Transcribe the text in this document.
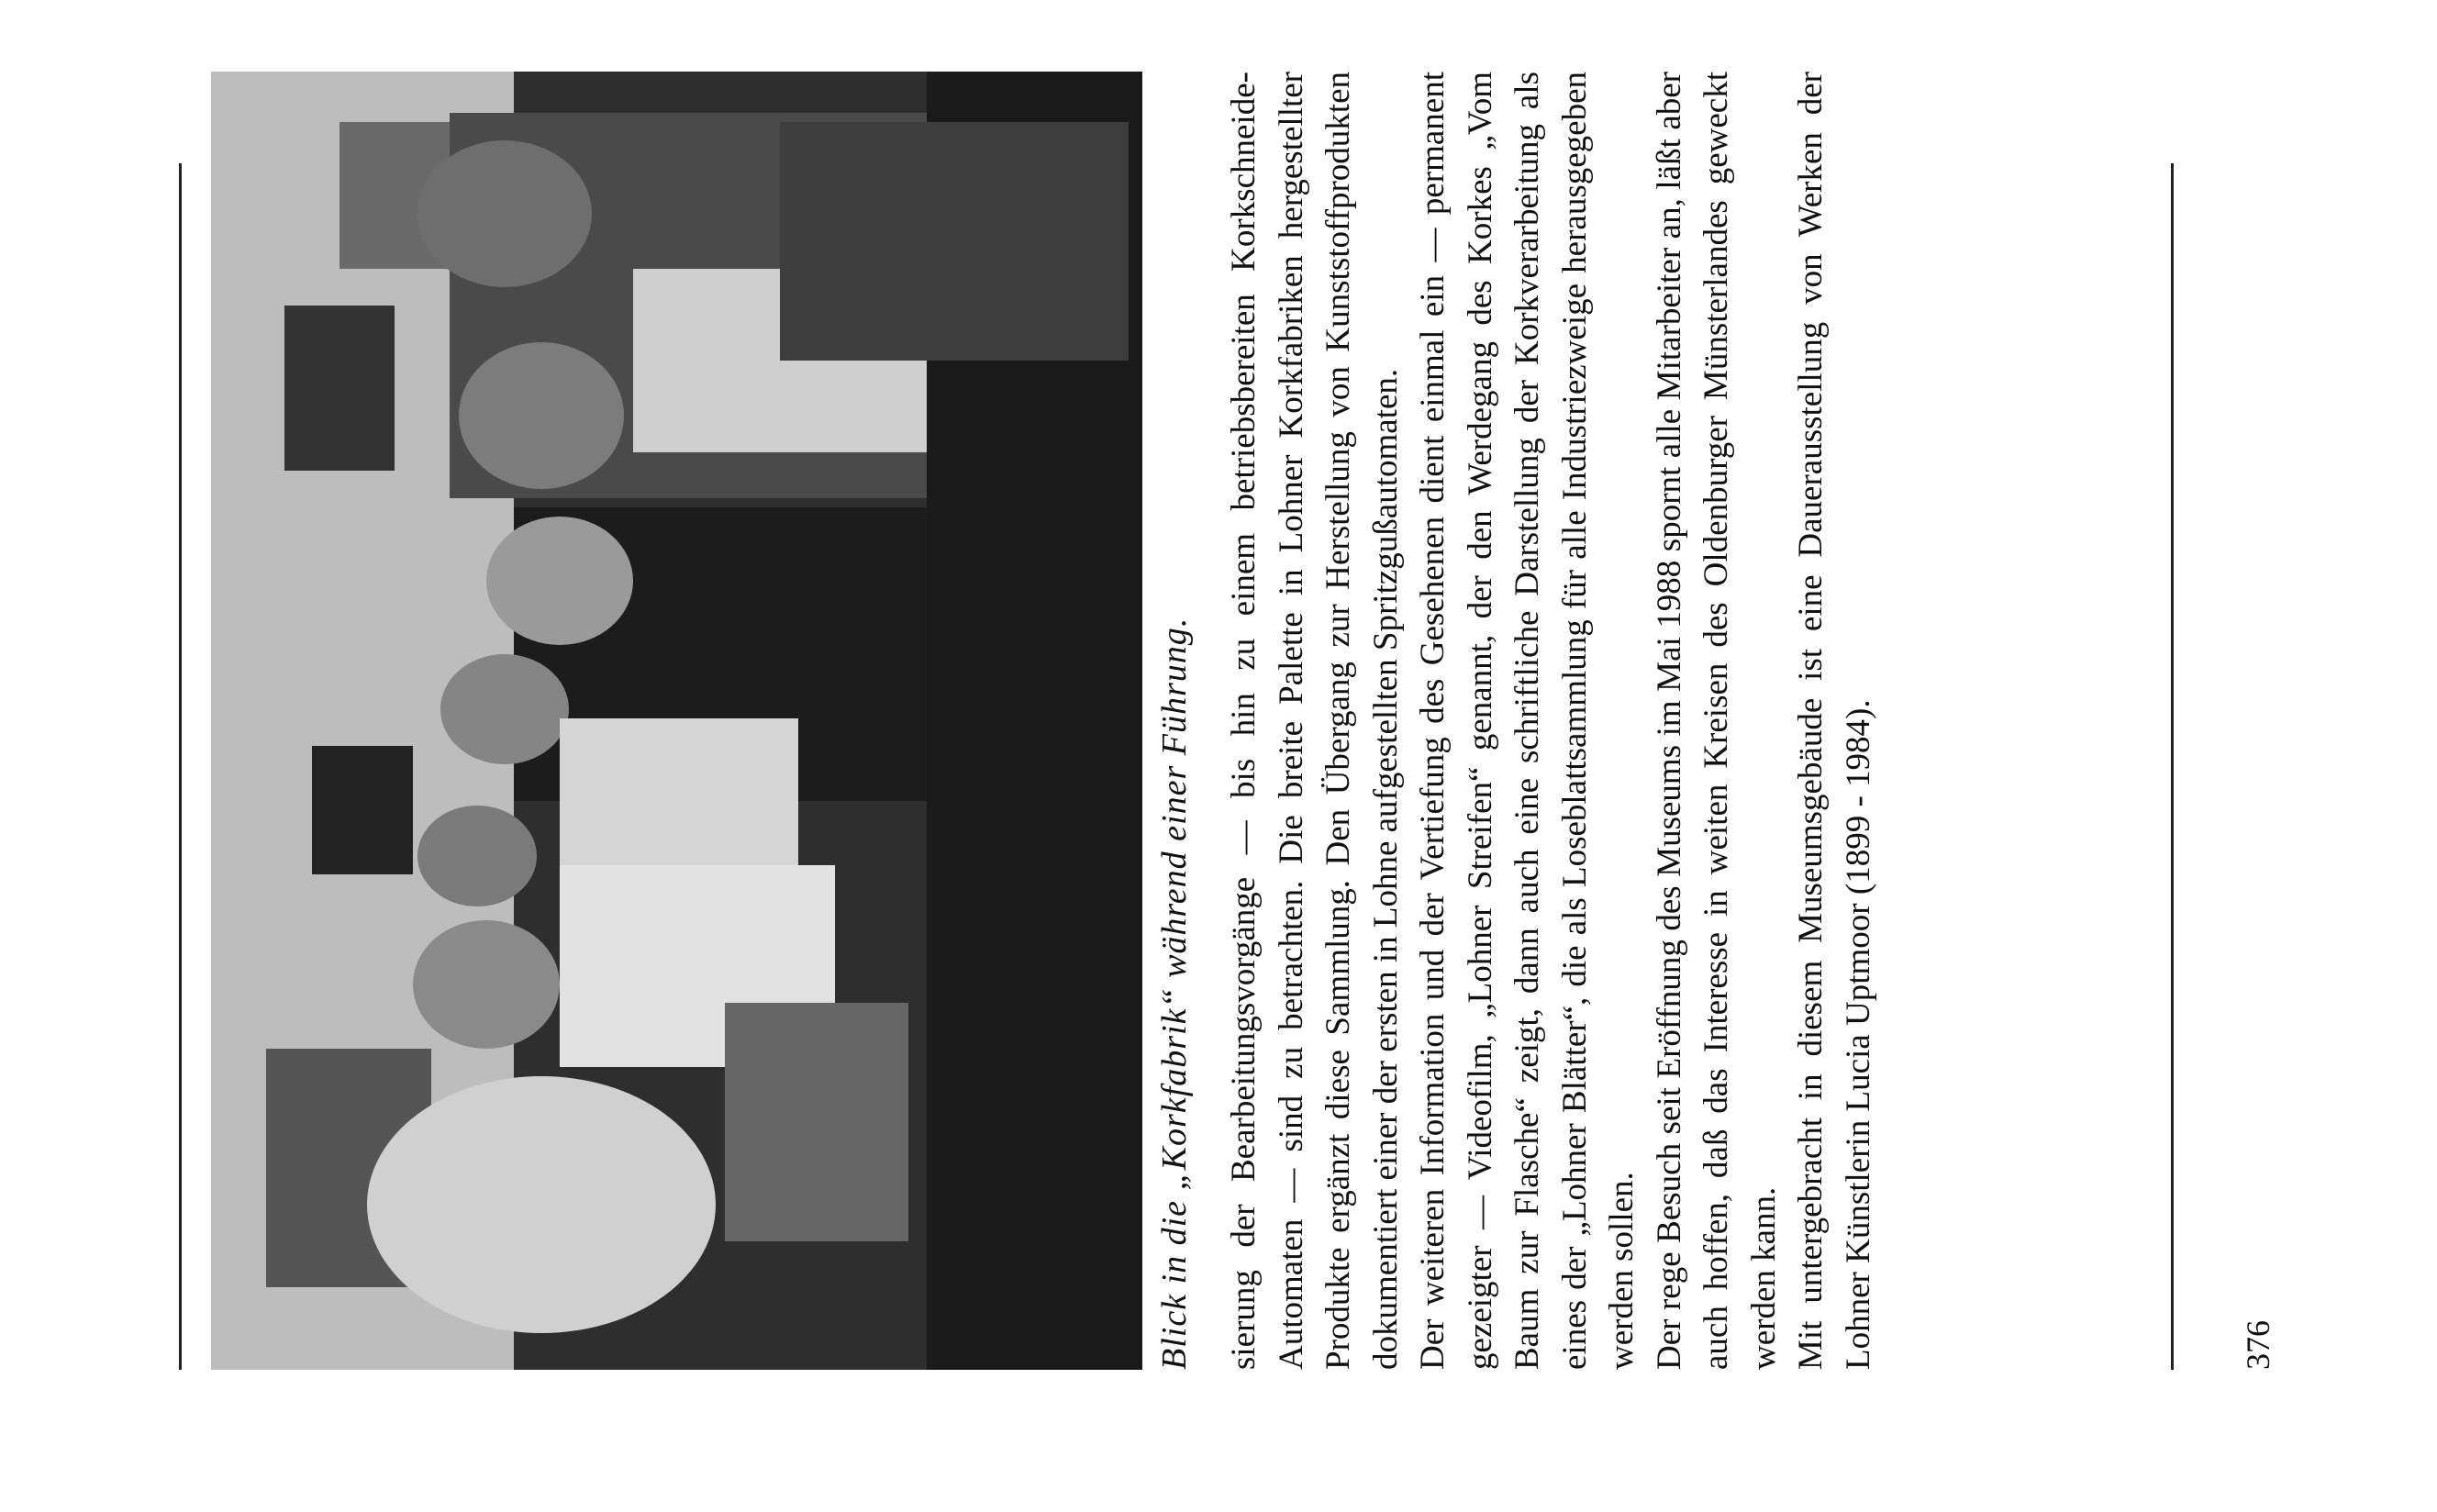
Blick in die „Korkfabrik“ während einer Führung. sierung der Bearbeitungsvorgänge — bis hin zu einem betriebsbereiten Korkschneide-Automaten — sind zu betrachten. Die breite Palette in Lohner Korkfabriken hergestellter Produkte ergänzt diese Sammlung. Den Übergang zur Herstellung von Kunststoffprodukten dokumentiert einer der ersten in Lohne aufgestellten Spritzgußautomaten. Der weiteren Information und der Vertiefung des Gesehenen dient einmal ein — permanent gezeigter — Videofilm, „Lohner Streifen“ genannt, der den Werdegang des Korkes „Vom Baum zur Flasche“ zeigt, dann auch eine schriftliche Darstellung der Korkverarbeitung als eines der „Lohner Blätter“, die als Loseblattsammlung für alle Industriezweige herausgegeben werden sollen. Der rege Besuch seit Eröffnung des Museums im Mai 1988 spornt alle Mitarbeiter an, läßt aber auch hoffen, daß das Interesse in weiten Kreisen des Oldenburger Münsterlandes geweckt werden kann. Mit untergebracht in diesem Museumsgebäude ist eine Dauerausstellung von Werken der Lohner Künstlerin Lucia Uptmoor (1899 - 1984).	376
